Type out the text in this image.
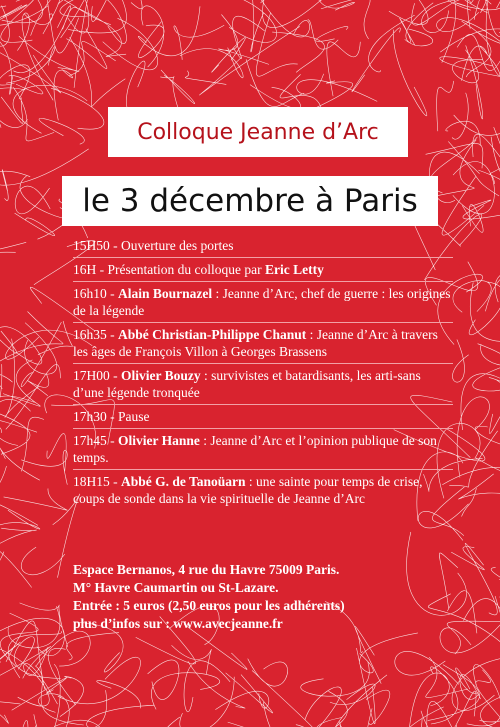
Colloque Jeanne d’Arc
le 3 décembre à Paris
15H50 - Ouverture des portes
16H - Présentation du colloque par Eric Letty
16h10 - Alain Bournazel : Jeanne d’Arc, chef de guerre : les origines de la légende
16h35 - Abbé Christian-Philippe Chanut : Jeanne d’Arc à travers les âges de François Villon à Georges Brassens
17H00 - Olivier Bouzy : survivistes et batardisants, les arti-sans d’une légende tronquée
17h30 - Pause
17h45 - Olivier Hanne : Jeanne d’Arc et l’opinion publique de son temps.
18H15 - Abbé G. de Tanoüarn : une sainte pour temps de crise, coups de sonde dans la vie spirituelle de Jeanne d’Arc
Espace Bernanos, 4 rue du Havre 75009 Paris.
M° Havre Caumartin ou St-Lazare.
Entrée : 5 euros (2,50 euros pour les adhérents)
plus d’infos sur : www.avecjeanne.fr
